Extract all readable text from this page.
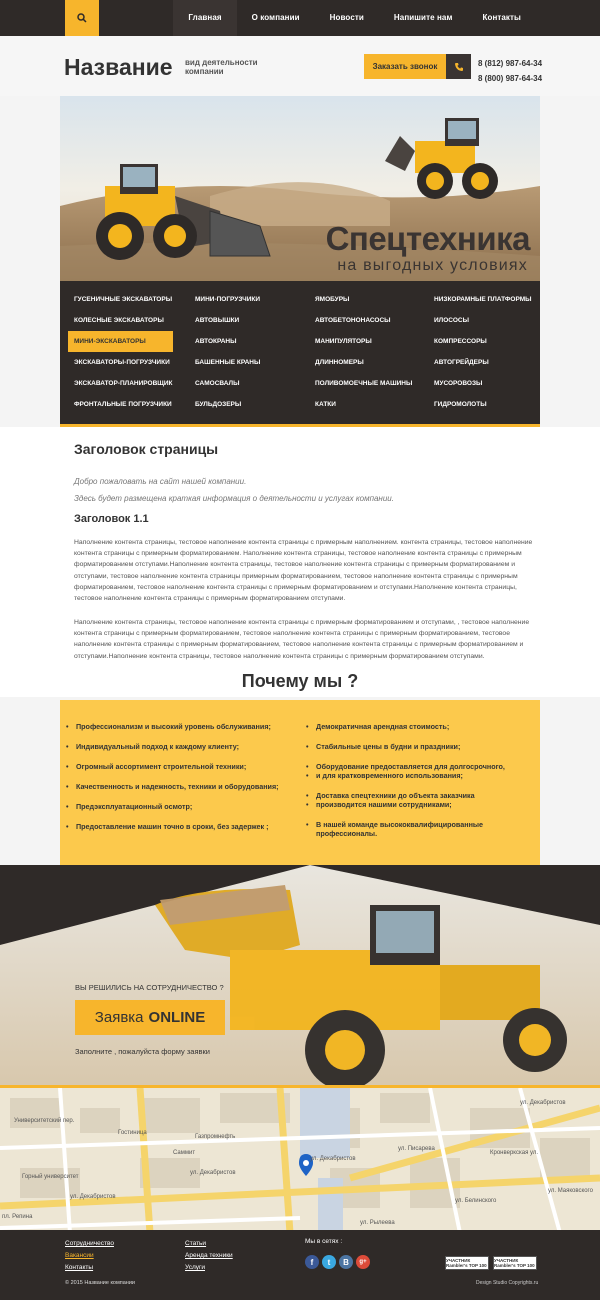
Главная	О компании	Новости	Напишите нам	Контакты
Название вид деятельности компании
Заказать звонок	8 (812) 987-64-34
8 (800) 987-64-34
Спецтехника
на выгодных условиях
ГУСЕНИЧНЫЕ ЭКСКАВАТОРЫ
КОЛЕСНЫЕ ЭКСКАВАТОРЫ
МИНИ-ЭКСКАВАТОРЫ
ЭКСКАВАТОРЫ-ПОГРУЗЧИКИ
ЭКСКАВАТОР-ПЛАНИРОВЩИК
ФРОНТАЛЬНЫЕ ПОГРУЗЧИКИ
МИНИ-ПОГРУЗЧИКИ
АВТОВЫШКИ
АВТОКРАНЫ
БАШЕННЫЕ КРАНЫ
САМОСВАЛЫ
БУЛЬДОЗЕРЫ
ЯМОБУРЫ
АВТОБЕТОНОНАСОСЫ
МАНИПУЛЯТОРЫ
ДЛИННОМЕРЫ
ПОЛИВОМОЕЧНЫЕ МАШИНЫ
КАТКИ
НИЗКОРАМНЫЕ ПЛАТФОРМЫ
ИЛОСОСЫ
КОМПРЕССОРЫ
АВТОГРЕЙДЕРЫ
МУСОРОВОЗЫ
ГИДРОМОЛОТЫ
Заголовок страницы
Добро пожаловать на сайт нашей компании.
Здесь будет размещена краткая информация о деятельности и услугах компании.
Заголовок 1.1

Наполнение контента страницы, тестовое наполнение контента страницы с примерным наполнением. контента страницы, тестовое наполнение контента страницы с примерным форматированием. Наполнение контента страницы, тестовое наполнение контента страницы с примерным форматированием отступами.Наполнение контента страницы, тестовое наполнение контента страницы с примерным форматированием и отступами, тестовое наполнение контента страницы примерным форматированием, тестовое наполнение контента страницы с примерным форматированием, тестовое наполнение контента страницы с примерным форматированием и отступами.Наполнение контента страницы, тестовое наполнение контента страницы с примерным форматированием отступами.

Наполнение контента страницы, тестовое наполнение контента страницы с примерным форматированием и отступами, , тестовое наполнение контента страницы с примерным форматированием, тестовое наполнение контента страницы с примерным форматированием, тестовое наполнение контента страницы с примерным форматированием, тестовое наполнение контента страницы с примерным форматированием и отступами.Наполнение контента страницы, тестовое наполнение контента страницы с примерным форматированием отступами.

Почему мы ?
• Профессионализм и высокий уровень обслуживания;
• Индивидуальный подход к каждому клиенту;
• Огромный ассортимент строительной техники;
• Качественность и надежность, техники и оборудования;
• Предэксплуатационный осмотр;
• Предоставление машин точно в сроки, без задержек ;
• Демократичная арендная стоимость;
• Стабильные цены в будни и праздники;
• Оборудование предоставляется для долгосрочного,
• и для кратковременного использования;
• Доставка спецтехники до объекта заказчика
• производится нашими сотрудниками;
• В нашей команде высококвалифицированные профессионалы.
ВЫ РЕШИЛИСЬ НА СОТРУДНИЧЕСТВО ?
Заявка ONLINE
Заполните , пожалуйста форму заявки
ул. Декабристов
ул. Декабристов
ул. Декабристов
ул. Декабристов
Гостиница
Саммит
Газпромнефть
Горный университет
пл. Репина
Университетский пер.
ул. Белинского
ул. Маяковского
ул. Писарева
Кронверкская ул.
ул. Рылеева
Сотрудничество
Вакансии
Контакты
Статьи
Аренда техники
Услуги
Мы в сетях :
f	t	B	g+
© 2015 Название компании
УЧАСТНИК Rambler's TOP 100
УЧАСТНИК Rambler's TOP 100
Design Studio Copyrights.ru
